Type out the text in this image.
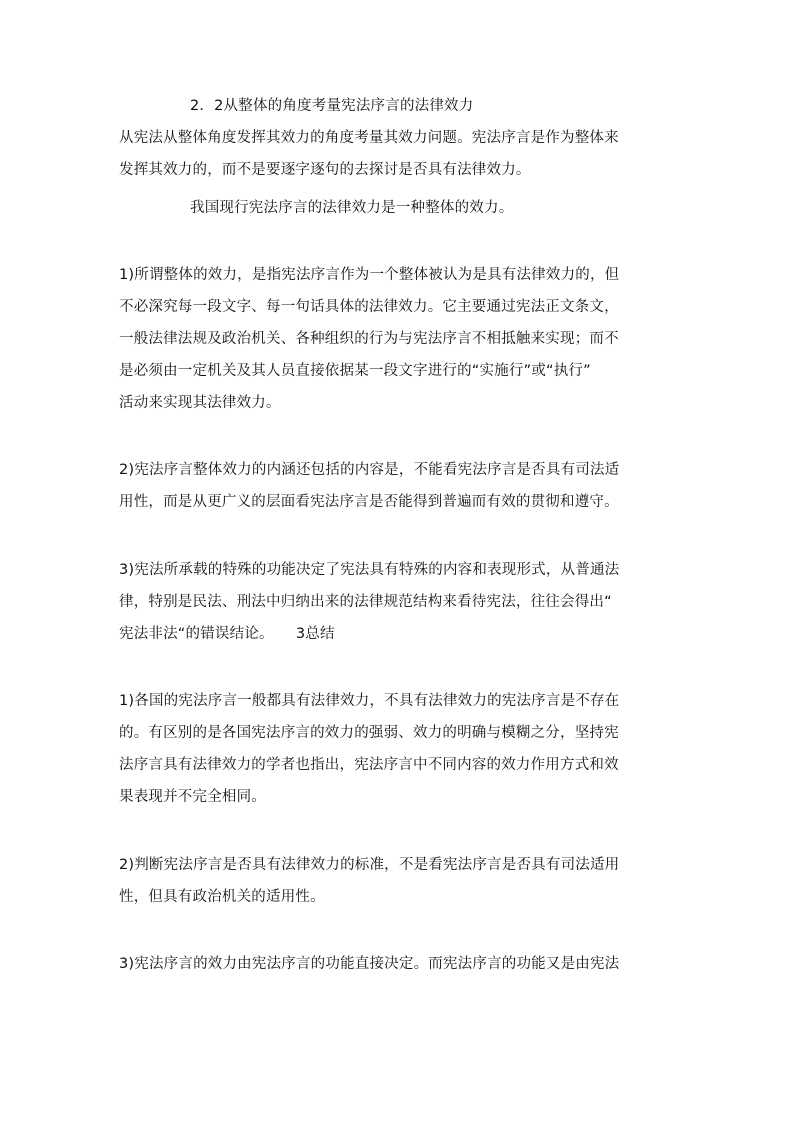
2．2从整体的角度考量宪法序言的法律效力
从宪法从整体角度发挥其效力的角度考量其效力问题。宪法序言是作为整体来
发挥其效力的，而不是要逐字逐句的去探讨是否具有法律效力。
我国现行宪法序言的法律效力是一种整体的效力。
1)所谓整体的效力，是指宪法序言作为一个整体被认为是具有法律效力的，但
不必深究每一段文字、每一句话具体的法律效力。它主要通过宪法正文条文，
一般法律法规及政治机关、各种组织的行为与宪法序言不相抵触来实现；而不
是必须由一定机关及其人员直接依据某一段文字进行的“实施行”或“执行”
活动来实现其法律效力。
2)宪法序言整体效力的内涵还包括的内容是，不能看宪法序言是否具有司法适
用性，而是从更广义的层面看宪法序言是否能得到普遍而有效的贯彻和遵守。
3)宪法所承载的特殊的功能决定了宪法具有特殊的内容和表现形式，从普通法
律，特别是民法、刑法中归纳出来的法律规范结构来看待宪法，往往会得出“
宪法非法“的错误结论。　　3总结
1)各国的宪法序言一般都具有法律效力，不具有法律效力的宪法序言是不存在
的。有区别的是各国宪法序言的效力的强弱、效力的明确与模糊之分，坚持宪
法序言具有法律效力的学者也指出，宪法序言中不同内容的效力作用方式和效
果表现并不完全相同。
2)判断宪法序言是否具有法律效力的标准，不是看宪法序言是否具有司法适用
性，但具有政治机关的适用性。
3)宪法序言的效力由宪法序言的功能直接决定。而宪法序言的功能又是由宪法
